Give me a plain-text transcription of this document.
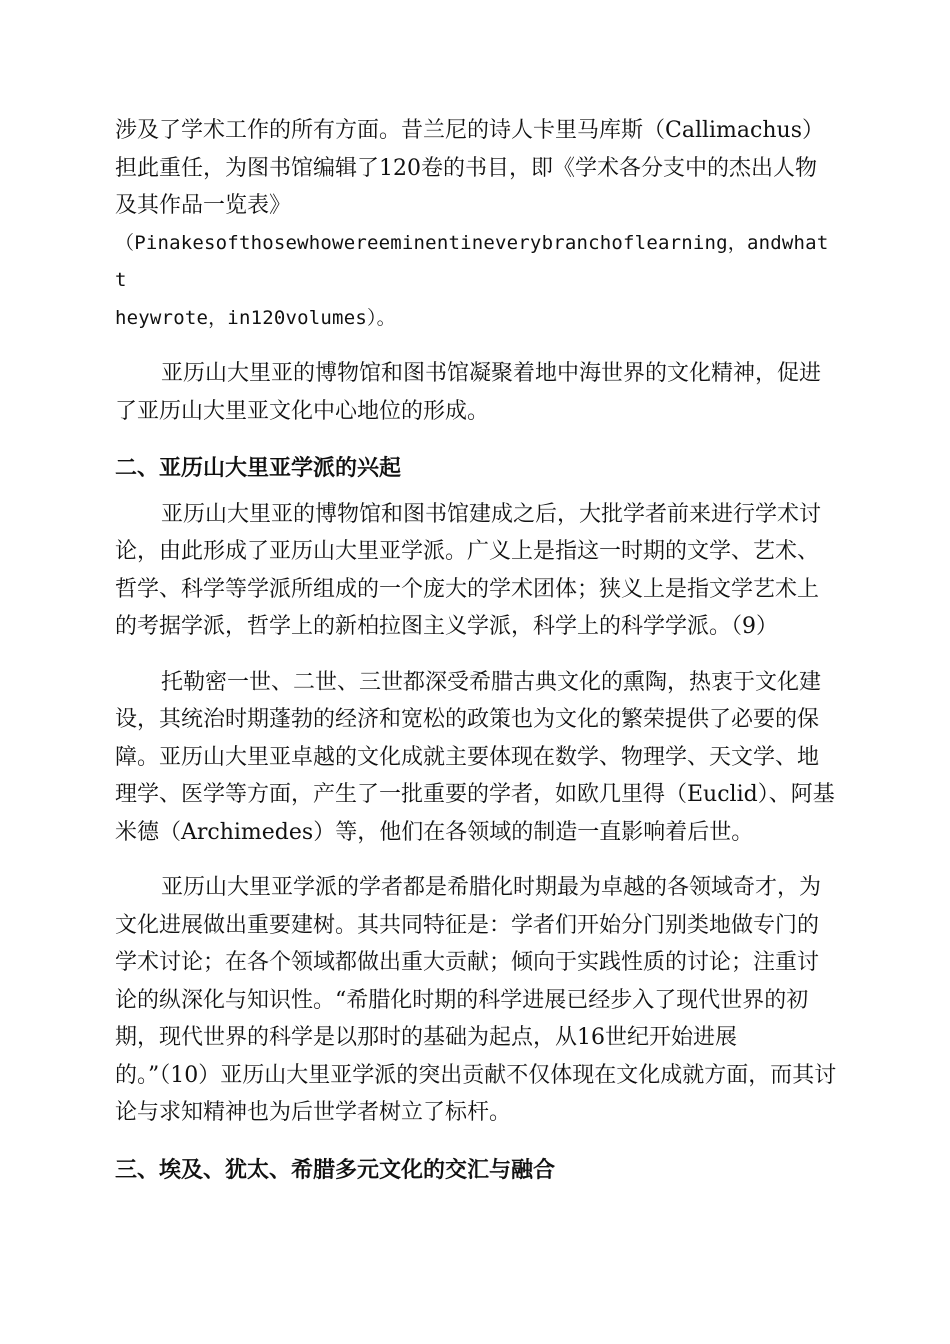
涉及了学术工作的所有方面。昔兰尼的诗人卡里马库斯（Callimachus）
担此重任，为图书馆编辑了120卷的书目，即《学术各分支中的杰出人物
及其作品一览表》

（Pinakesofthosewhowereeminentineverybranchoflearning，andwhatt
heywrote，in120volumes）。

亚历山大里亚的博物馆和图书馆凝聚着地中海世界的文化精神，促进了亚历山大里亚文化中心地位的形成。

二、亚历山大里亚学派的兴起

亚历山大里亚的博物馆和图书馆建成之后，大批学者前来进行学术讨论，由此形成了亚历山大里亚学派。广义上是指这一时期的文学、艺术、哲学、科学等学派所组成的一个庞大的学术团体；狭义上是指文学艺术上的考据学派，哲学上的新柏拉图主义学派，科学上的科学学派。（9）

托勒密一世、二世、三世都深受希腊古典文化的熏陶，热衷于文化建设，其统治时期蓬勃的经济和宽松的政策也为文化的繁荣提供了必要的保障。亚历山大里亚卓越的文化成就主要体现在数学、物理学、天文学、地理学、医学等方面，产生了一批重要的学者，如欧几里得（Euclid）、阿基米德（Archimedes）等，他们在各领域的制造一直影响着后世。

亚历山大里亚学派的学者都是希腊化时期最为卓越的各领域奇才，为文化进展做出重要建树。其共同特征是：学者们开始分门别类地做专门的学术讨论；在各个领域都做出重大贡献；倾向于实践性质的讨论；注重讨论的纵深化与知识性。“希腊化时期的科学进展已经步入了现代世界的初期，现代世界的科学是以那时的基础为起点，从16世纪开始进展
的。”（10）亚历山大里亚学派的突出贡献不仅体现在文化成就方面，而其讨论与求知精神也为后世学者树立了标杆。
三、埃及、犹太、希腊多元文化的交汇与融合
